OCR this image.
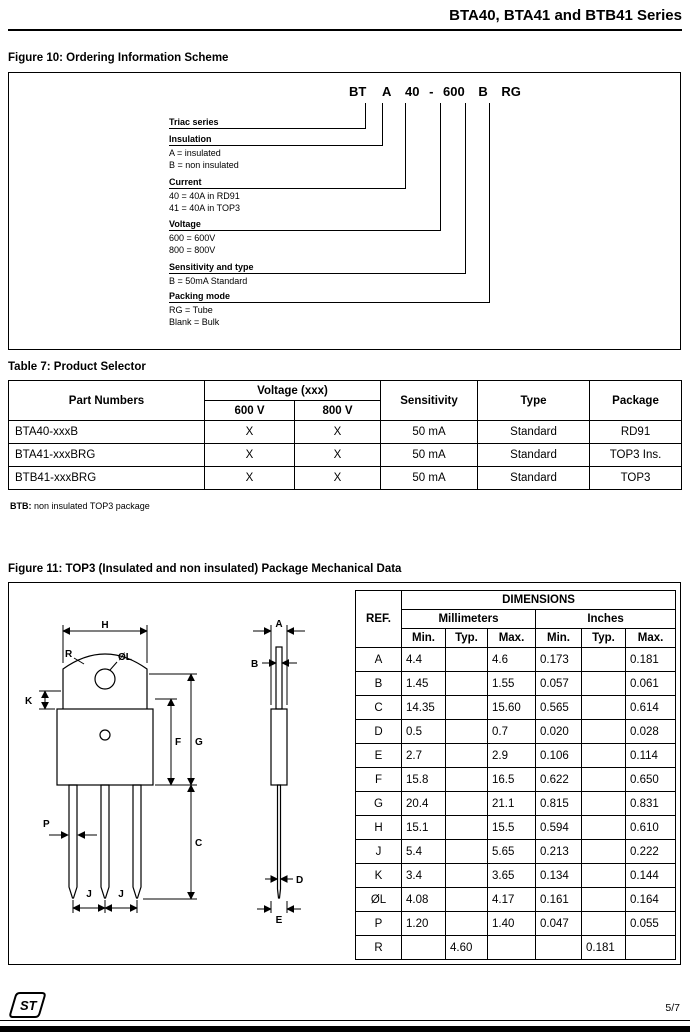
BTA40, BTA41 and BTB41 Series
Figure 10: Ordering Information Scheme
BT A 40 - 600 B RG
Triac series
Insulation
A = insulated
B = non insulated
Current
40 = 40A in RD91
41 = 40A in TOP3
Voltage
600 = 600V
800 = 800V
Sensitivity and type
B = 50mA Standard
Packing mode
RG = Tube
Blank = Bulk
Table 7: Product Selector
Part Numbers	Voltage (xxx)		Sensitivity	Type	Package
	600 V	800 V			
BTA40-xxxB	X	X	50 mA	Standard	RD91
BTA41-xxxBRG	X	X	50 mA	Standard	TOP3 Ins.
BTB41-xxxBRG	X	X	50 mA	Standard	TOP3
BTB: non insulated TOP3 package
Figure 11: TOP3 (Insulated and non insulated) Package Mechanical Data
H
R	ØL
K
F G
C
P
J	J
A
B
D
E
REF.	DIMENSIONS					
	Millimeters			Inches		
	Min.	Typ.	Max.	Min.	Typ.	Max.
A	4.4		4.6	0.173		0.181
B	1.45		1.55	0.057		0.061
C	14.35		15.60	0.565		0.614
D	0.5		0.7	0.020		0.028
E	2.7		2.9	0.106		0.114
F	15.8		16.5	0.622		0.650
G	20.4		21.1	0.815		0.831
H	15.1		15.5	0.594		0.610
J	5.4		5.65	0.213		0.222
K	3.4		3.65	0.134		0.144
ØL	4.08		4.17	0.161		0.164
P	1.20		1.40	0.047		0.055
R		4.60			0.181	
ST	5/7
